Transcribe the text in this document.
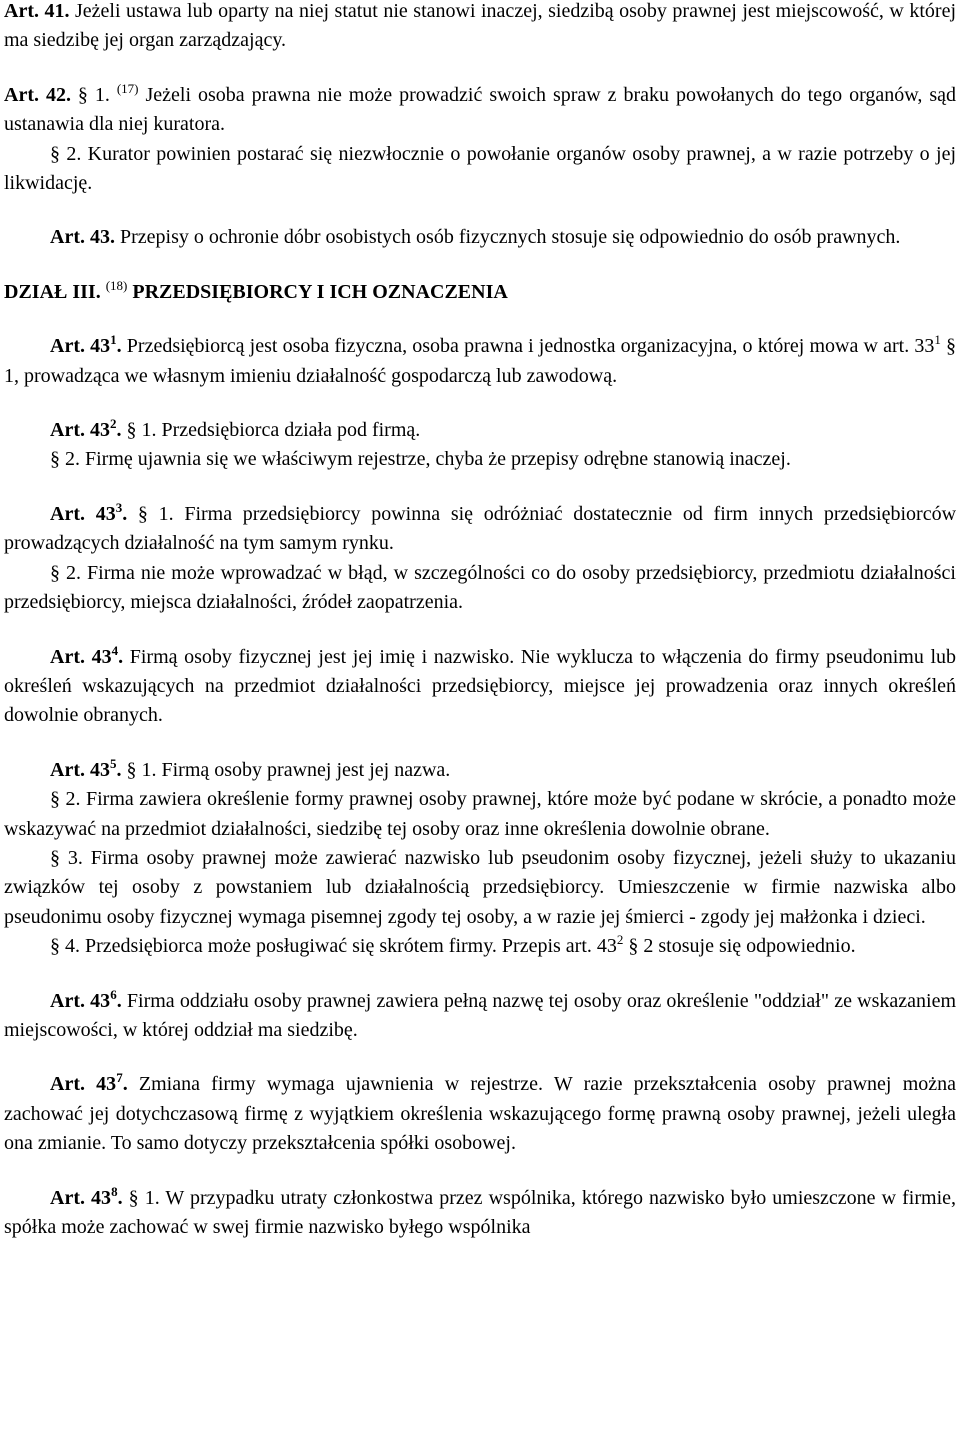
Art. 41. Jeżeli ustawa lub oparty na niej statut nie stanowi inaczej, siedzibą osoby prawnej jest miejscowość, w której ma siedzibę jej organ zarządzający.

Art. 42. § 1. $^{(17)}$ Jeżeli osoba prawna nie może prowadzić swoich spraw z braku powołanych do tego organów, sąd ustanawia dla niej kuratora.

§ 2. Kurator powinien postarać się niezwłocznie o powołanie organów osoby prawnej, a w razie potrzeby o jej likwidację.

Art. 43. Przepisy o ochronie dóbr osobistych osób fizycznych stosuje się odpowiednio do osób prawnych.

DZIAŁ III. $^{(18)}$ PRZEDSIĘBIORCY I ICH OZNACZENIA

Art. $43^1$. Przedsiębiorcą jest osoba fizyczna, osoba prawna i jednostka organizacyjna, o której mowa w art. $33^1$ § 1, prowadząca we własnym imieniu działalność gospodarczą lub zawodową.

Art. $43^2$. § 1. Przedsiębiorca działa pod firmą.

§ 2. Firmę ujawnia się we właściwym rejestrze, chyba że przepisy odrębne stanowią inaczej.

Art. $43^3$. § 1. Firma przedsiębiorcy powinna się odróżniać dostatecznie od firm innych przedsiębiorców prowadzących działalność na tym samym rynku.

§ 2. Firma nie może wprowadzać w błąd, w szczególności co do osoby przedsiębiorcy, przedmiotu działalności przedsiębiorcy, miejsca działalności, źródeł zaopatrzenia.

Art. $43^4$. Firmą osoby fizycznej jest jej imię i nazwisko. Nie wyklucza to włączenia do firmy pseudonimu lub określeń wskazujących na przedmiot działalności przedsiębiorcy, miejsce jej prowadzenia oraz innych określeń dowolnie obranych.

Art. $43^5$. § 1. Firmą osoby prawnej jest jej nazwa.

§ 2. Firma zawiera określenie formy prawnej osoby prawnej, które może być podane w skrócie, a ponadto może wskazywać na przedmiot działalności, siedzibę tej osoby oraz inne określenia dowolnie obrane.

§ 3. Firma osoby prawnej może zawierać nazwisko lub pseudonim osoby fizycznej, jeżeli służy to ukazaniu związków tej osoby z powstaniem lub działalnością przedsiębiorcy. Umieszczenie w firmie nazwiska albo pseudonimu osoby fizycznej wymaga pisemnej zgody tej osoby, a w razie jej śmierci - zgody jej małżonka i dzieci.

§ 4. Przedsiębiorca może posługiwać się skrótem firmy. Przepis art. $43^2$ § 2 stosuje się odpowiednio.

Art. $43^6$. Firma oddziału osoby prawnej zawiera pełną nazwę tej osoby oraz określenie "oddział" ze wskazaniem miejscowości, w której oddział ma siedzibę.

Art. $43^7$. Zmiana firmy wymaga ujawnienia w rejestrze. W razie przekształcenia osoby prawnej można zachować jej dotychczasową firmę z wyjątkiem określenia wskazującego formę prawną osoby prawnej, jeżeli uległa ona zmianie. To samo dotyczy przekształcenia spółki osobowej.

Art. $43^8$. § 1. W przypadku utraty członkostwa przez wspólnika, którego nazwisko było umieszczone w firmie, spółka może zachować w swej firmie nazwisko byłego wspólnika
